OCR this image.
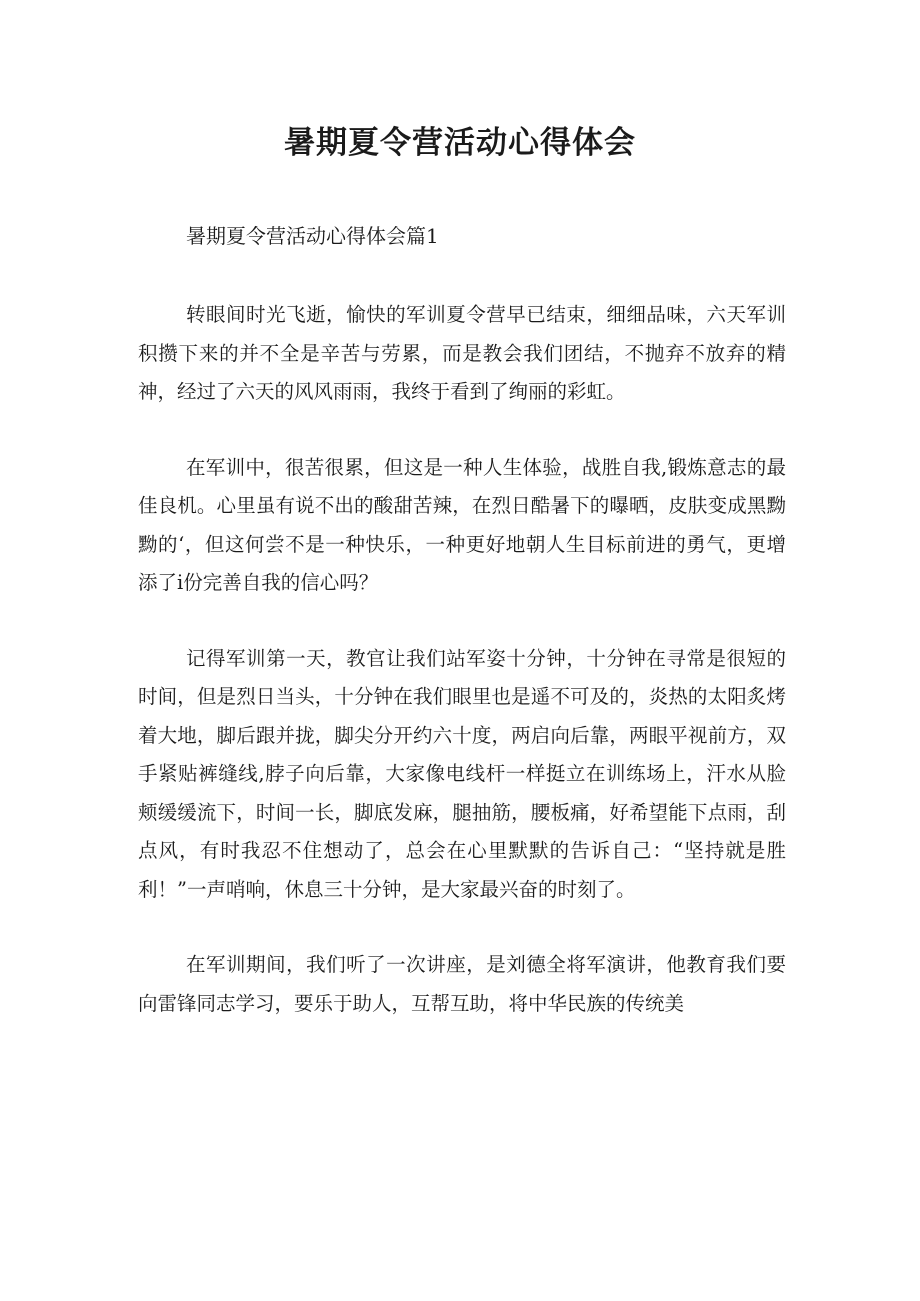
暑期夏令营活动心得体会
暑期夏令营活动心得体会篇1

转眼间时光飞逝，愉快的军训夏令营早已结束，细细品味，六天军训积攒下来的并不全是辛苦与劳累，而是教会我们团结，不抛弃不放弃的精神，经过了六天的风风雨雨，我终于看到了绚丽的彩虹。

在军训中，很苦很累，但这是一种人生体验，战胜自我,锻炼意志的最佳良机。心里虽有说不出的酸甜苦辣，在烈日酷暑下的曝晒，皮肤变成黑黝黝的‘，但这何尝不是一种快乐，一种更好地朝人生目标前进的勇气，更增添了i份完善自我的信心吗？

记得军训第一天，教官让我们站军姿十分钟，十分钟在寻常是很短的时间，但是烈日当头，十分钟在我们眼里也是遥不可及的，炎热的太阳炙烤着大地，脚后跟并拢，脚尖分开约六十度，两启向后靠，两眼平视前方，双手紧贴裤缝线,脖子向后靠，大家像电线杆一样挺立在训练场上，汗水从脸颊缓缓流下，时间一长，脚底发麻，腿抽筋，腰板痛，好希望能下点雨，刮点风，有时我忍不住想动了，总会在心里默默的告诉自己：“坚持就是胜利！”一声哨响，休息三十分钟，是大家最兴奋的时刻了。

在军训期间，我们听了一次讲座，是刘德全将军演讲，他教育我们要向雷锋同志学习，要乐于助人，互帮互助，将中华民族的传统美
